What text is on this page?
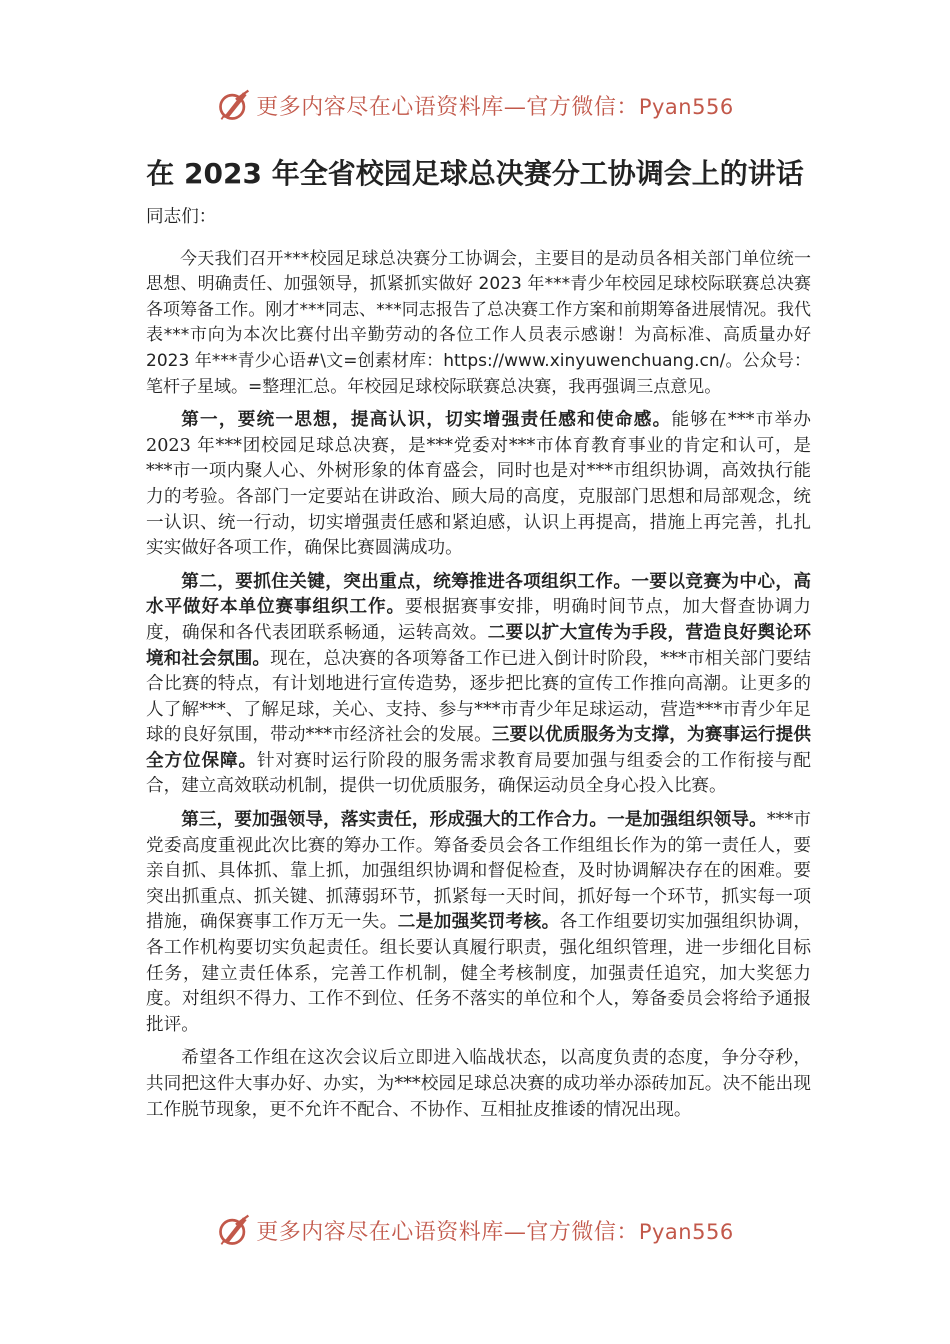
更多内容尽在心语资料库—官方微信：Pyan556
在 2023 年全省校园足球总决赛分工协调会上的讲话
同志们：

今天我们召开***校园足球总决赛分工协调会，主要目的是动员各相关部门单位统一思想、明确责任、加强领导，抓紧抓实做好 2023 年***青少年校园足球校际联赛总决赛各项筹备工作。刚才***同志、***同志报告了总决赛工作方案和前期筹备进展情况。我代表***市向为本次比赛付出辛勤劳动的各位工作人员表示感谢！为高标准、高质量办好 2023 年***青少心语#\文=创素材库：https://www.xinyuwenchuang.cn/。公众号：笔杆子星域。=整理汇总。年校园足球校际联赛总决赛，我再强调三点意见。

第一，要统一思想，提高认识，切实增强责任感和使命感。能够在***市举办 2023 年***团校园足球总决赛，是***党委对***市体育教育事业的肯定和认可，是***市一项内聚人心、外树形象的体育盛会，同时也是对***市组织协调，高效执行能力的考验。各部门一定要站在讲政治、顾大局的高度，克服部门思想和局部观念，统一认识、统一行动，切实增强责任感和紧迫感，认识上再提高，措施上再完善，扎扎实实做好各项工作，确保比赛圆满成功。

第二，要抓住关键，突出重点，统筹推进各项组织工作。一要以竞赛为中心，高水平做好本单位赛事组织工作。要根据赛事安排，明确时间节点，加大督查协调力度，确保和各代表团联系畅通，运转高效。二要以扩大宣传为手段，营造良好舆论环境和社会氛围。现在，总决赛的各项筹备工作已进入倒计时阶段，***市相关部门要结合比赛的特点，有计划地进行宣传造势，逐步把比赛的宣传工作推向高潮。让更多的人了解***、了解足球，关心、支持、参与***市青少年足球运动，营造***市青少年足球的良好氛围，带动***市经济社会的发展。三要以优质服务为支撑，为赛事运行提供全方位保障。针对赛时运行阶段的服务需求教育局要加强与组委会的工作衔接与配合，建立高效联动机制，提供一切优质服务，确保运动员全身心投入比赛。

第三，要加强领导，落实责任，形成强大的工作合力。一是加强组织领导。***市党委高度重视此次比赛的筹办工作。筹备委员会各工作组组长作为的第一责任人，要亲自抓、具体抓、靠上抓，加强组织协调和督促检查，及时协调解决存在的困难。要突出抓重点、抓关键、抓薄弱环节，抓紧每一天时间，抓好每一个环节，抓实每一项措施，确保赛事工作万无一失。二是加强奖罚考核。各工作组要切实加强组织协调，各工作机构要切实负起责任。组长要认真履行职责，强化组织管理，进一步细化目标任务，建立责任体系，完善工作机制，健全考核制度，加强责任追究，加大奖惩力度。对组织不得力、工作不到位、任务不落实的单位和个人，筹备委员会将给予通报批评。

希望各工作组在这次会议后立即进入临战状态，以高度负责的态度，争分夺秒，共同把这件大事办好、办实，为***校园足球总决赛的成功举办添砖加瓦。决不能出现工作脱节现象，更不允许不配合、不协作、互相扯皮推诿的情况出现。

更多内容尽在心语资料库—官方微信：Pyan556
